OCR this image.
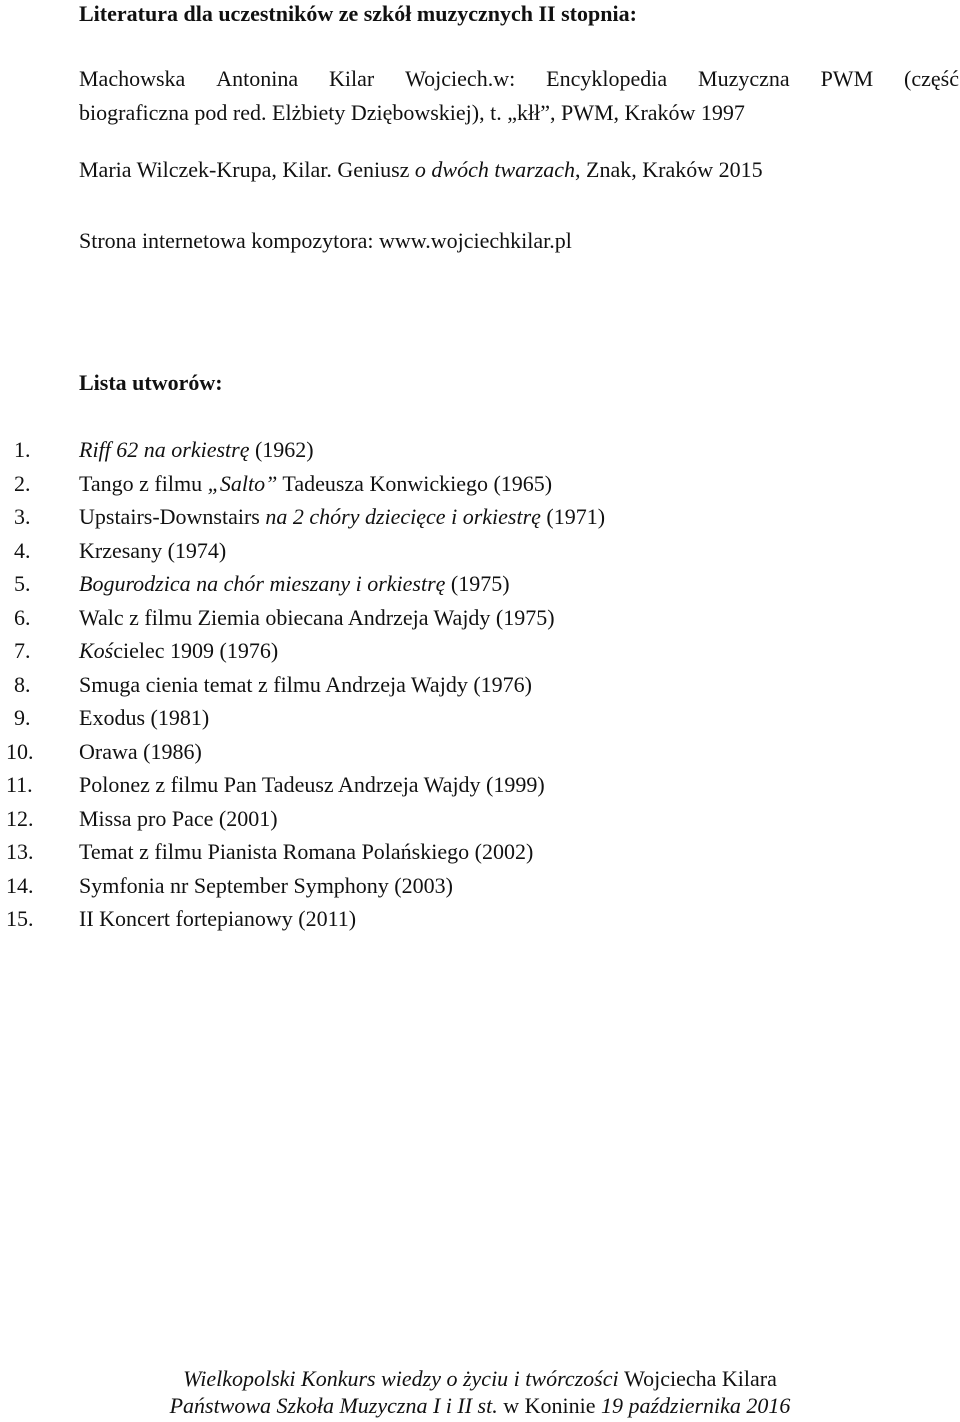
Literatura dla uczestników ze szkół muzycznych II stopnia:
Machowska Antonina Kilar Wojciech.w: Encyklopedia Muzyczna PWM (część
biograficzna pod red. Elżbiety Dziębowskiej), t. „kłł”, PWM, Kraków 1997
Maria Wilczek-Krupa, Kilar. Geniusz o dwóch twarzach, Znak, Kraków 2015
Strona internetowa kompozytora: www.wojciechkilar.pl
Lista utworów:
1.	Riff 62 na orkiestrę (1962)
2.	Tango z filmu „Salto” Tadeusza Konwickiego (1965)
3.	Upstairs-Downstairs na 2 chóry dziecięce i orkiestrę (1971)
4.	Krzesany (1974)
5.	Bogurodzica na chór mieszany i orkiestrę (1975)
6.	Walc z filmu Ziemia obiecana Andrzeja Wajdy (1975)
7.	Kościelec 1909 (1976)
8.	Smuga cienia temat z filmu Andrzeja Wajdy (1976)
9.	Exodus (1981)
10.	Orawa (1986)
11.	Polonez z filmu Pan Tadeusz Andrzeja Wajdy (1999)
12.	Missa pro Pace (2001)
13.	Temat z filmu Pianista Romana Polańskiego (2002)
14.	Symfonia nr September Symphony (2003)
15.	II Koncert fortepianowy (2011)
Wielkopolski Konkurs wiedzy o życiu i twórczości Wojciecha Kilara
Państwowa Szkoła Muzyczna I i II st. w Koninie 19 października 2016
